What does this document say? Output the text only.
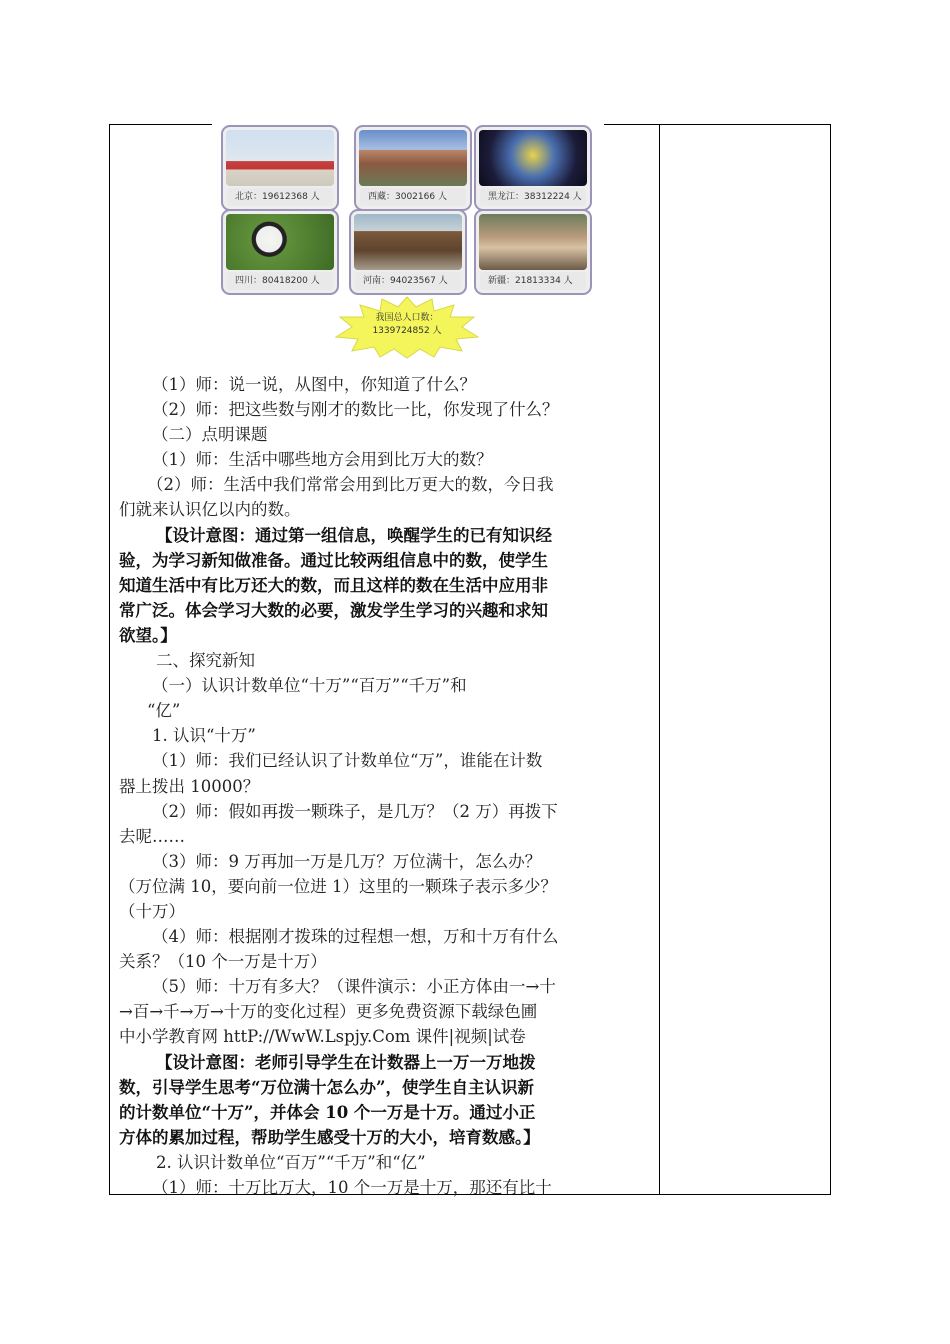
北京：19612368 人	西藏：3002166 人	黑龙江：38312224 人
四川：80418200 人	河南：94023567 人	新疆：21813334 人
我国总人口数：
1339724852 人

（1）师：说一说，从图中，你知道了什么？

（2）师：把这些数与刚才的数比一比，你发现了什么？

（二）点明课题

（1）师：生活中哪些地方会用到比万大的数？

（2）师：生活中我们常常会用到比万更大的数，今日我

们就来认识亿以内的数。

【设计意图：通过第一组信息，唤醒学生的已有知识经

验，为学习新知做准备。通过比较两组信息中的数，使学生

知道生活中有比万还大的数，而且这样的数在生活中应用非

常广泛。体会学习大数的必要，激发学生学习的兴趣和求知

欲望。】

二、探究新知

（一）认识计数单位“十万”“百万”“千万”和

“亿”

1. 认识“十万”

（1）师：我们已经认识了计数单位“万”，谁能在计数

器上拨出 10000？

（2）师：假如再拨一颗珠子，是几万？（2 万）再拨下

去呢……

（3）师：9 万再加一万是几万？万位满十，怎么办？

（万位满 10，要向前一位进 1）这里的一颗珠子表示多少？

（十万）

（4）师：根据刚才拨珠的过程想一想，万和十万有什么

关系？（10 个一万是十万）

（5）师：十万有多大？（课件演示：小正方体由一→十

→百→千→万→十万的变化过程）更多免费资源下载绿色圃

中小学教育网 httP://WwW.Lspjy.Com 课件|视频|试卷

【设计意图：老师引导学生在计数器上一万一万地拨

数，引导学生思考“万位满十怎么办”，使学生自主认识新

的计数单位“十万”，并体会 10 个一万是十万。通过小正

方体的累加过程，帮助学生感受十万的大小，培育数感。】

2. 认识计数单位“百万”“千万”和“亿”

（1）师：十万比万大，10 个一万是十万，那还有比十
